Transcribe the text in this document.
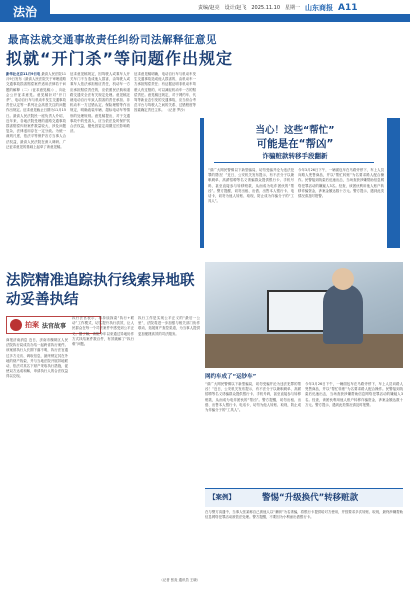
法治	责编/赵亮 设计/赵飞 2025.11.10 星期一 山东商报 A11
最高法就交通事故责任纠纷司法解释征意见
拟就“开门杀”等问题作出规定
新华社北京11月9日电 最高人民法院11月9日发布《最高人民法院关于审理道路交通事故损害赔偿案件适用法律若干问题的解释（二）（征求意见稿）》，向社会公开征求意见。意见稿针对“开门杀”、电动自行车与机动车发生交通事故责任认定等一系列社会高度关注的问题作出规定。征求意见截止日期为11月15日。最高人民法院民一庭负责人介绍，近年来，各地法院受理的道路交通事故损害赔偿纠纷案件数量较大，涉及问题复杂，法律适用存在一定分歧。为统一裁判尺度，依法平等保护各方当事人合法权益，最高人民法院在深入调研、广泛征求意见的基础上起草了该意见稿。
征求意见稿规定，因驾驶人或乘车人开关车门不当造成他人损害，由驾驶人或乘车人依法承担相应责任，机动车一方应承担赔偿责任的，应依照民法典和道路交通安全法有关规定处理。意见稿还就电动自行车致人损害的责任承担、非机动车一方过错认定、保险理赔等作出规定，明确改装车辆、超标电动车等情形的处理规则。意见稿提出，对于交通事故中的受害人，应当依法及时保护其合法权益，避免因鉴定周期过长影响救济。
征求意见稿明确，电动自行车与机动车发生交通事故造成他人损害的，由机动车一方承担赔偿责任；有证据证明非机动车驾驶人有过错的，可以减轻机动车一方的赔偿责任。意见稿还规定，对于网约车、代驾等新业态引发的交通事故，应当综合考虑平台与驾驶人之间的关系、过错程度等因素确定责任主体。 （记者 罗沙）
当心！这些“帮忙”
可能是在“帮凶”
诈骗赃款转移手段翻新
“请广大网民警惕以下新型骗局，切勿受骗并沦为违法犯罪的帮凶！”近日，公安机关发布提示，有不法分子以兼职刷单、高薪招聘等名义诱骗群众提供银行卡、手机号码，甚至直接参与转移赃款，从而成为电诈团伙的“帮凶”。警方提醒，切勿出租、出借、出售本人银行卡、电话卡，切勿为他人转账、取现，防止成为诈骗分子的“工具人”。
今年3月26日下午，一辆面包车在马路旁停下，车上人员向路人兜售商品，并以“帮忙转账”为名要求路人配合操作。民警接到线索后迅速出击，当场查获涉嫌帮助信息网络犯罪活动的嫌疑人3名。经查，该团伙利用他人账户转移诈骗资金，涉案金额达数十万元。警方提示，遇到此类情况请及时报警。
法院精准追踪执行线索异地联动妥善执结
拍案 法官故事
商报济南消息 近日，济南市槐荫区人民法院执行局成功办结一起跨省执行案件。该案被执行人长期下落不明，执行法官通过多方走访、调取信息，最终锁定其在外地的财产线索，并与当地法院开展异地联动，依法对其名下财产采取执行措施，促使双方达成和解，申请执行人的合法权益得以兑现。
执行法官表示，将持续探索“执行+联动”工作模式，切实提升执行质效，让人民群众在每一个司法案件中感受到公平正义。据了解，该院今年以来通过异地协作方式执结案件数百件，有效破解了“执行难”问题。
执行工作是实现公平正义的“最后一公里”，法院将进一步加强与相关部门协作联动，拓展财产查控渠道，为当事人提供更加便捷高效的司法服务。
（记者 张炎 通讯员 王晓）
网约车成了“运钞车”
“请广大网民警惕以下新型骗局，切勿受骗并沦为违法犯罪的帮凶！”近日，公安机关发布提示，有不法分子以兼职刷单、高薪招聘等名义诱骗群众提供银行卡、手机号码，甚至直接参与转移赃款，从而成为电诈团伙的“帮凶”。警方提醒，切勿出租、出借、出售本人银行卡、电话卡，切勿为他人转账、取现，防止成为诈骗分子的“工具人”。
今年3月26日下午，一辆面包车在马路旁停下，车上人员向路人兜售商品，并以“帮忙转账”为名要求路人配合操作。民警接到线索后迅速出击，当场查获涉嫌帮助信息网络犯罪活动的嫌疑人3名。经查，该团伙利用他人账户转移诈骗资金，涉案金额达数十万元。警方提示，遇到此类情况请及时报警。
【案例】	警惕“升级换代”转移赃款
在与警方沟通中，当事人张某称自己被他人以“兼职”为名诱骗，将银行卡提供给对方使用，并按要求多次转账、取现，最终涉嫌帮助信息网络犯罪活动被依法处理。警方提醒，不要因为小利而出借银行卡。
